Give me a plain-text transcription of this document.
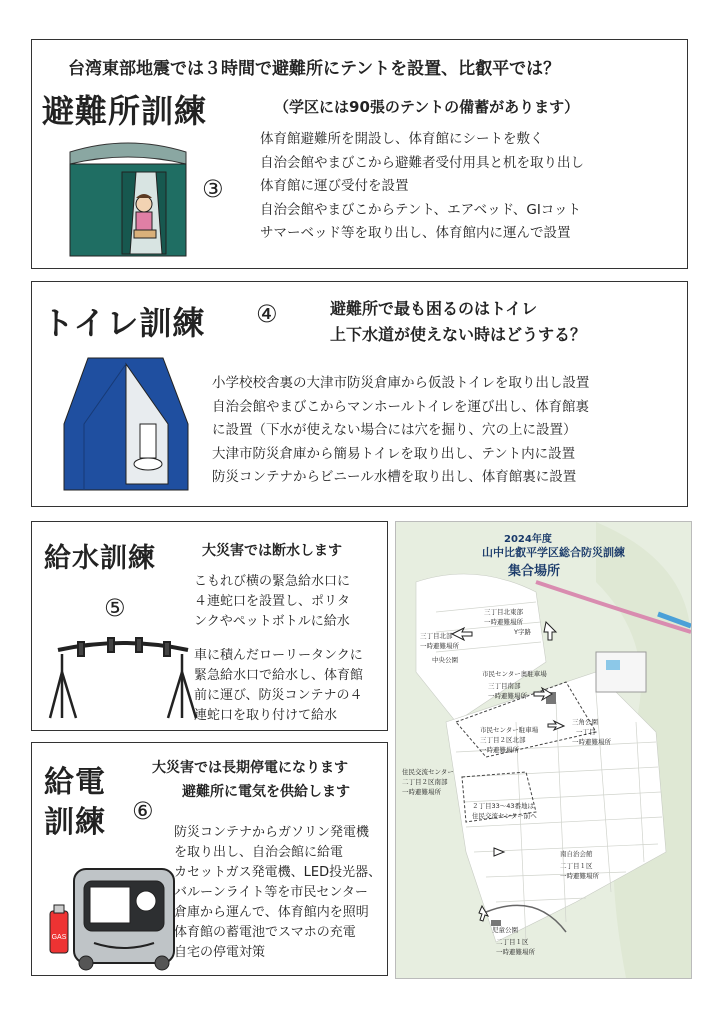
台湾東部地震では３時間で避難所にテントを設置、比叡平では？
避難所訓練	（学区には90張のテントの備蓄があります）
③
体育館避難所を開設し、体育館にシートを敷く
自治会館やまびこから避難者受付用具と机を取り出し
体育館に運び受付を設置
自治会館やまびこからテント、エアベッド、GIコット
サマーベッド等を取り出し、体育館内に運んで設置
トイレ訓練 ④	避難所で最も困るのはトイレ
上下水道が使えない時はどうする？
小学校校舎裏の大津市防災倉庫から仮設トイレを取り出し設置
自治会館やまびこからマンホールトイレを運び出し、体育館裏
に設置（下水が使えない場合には穴を掘り、穴の上に設置）
大津市防災倉庫から簡易トイレを取り出し、テント内に設置
防災コンテナからビニール水槽を取り出し、体育館裏に設置
給水訓練	大災害では断水します
⑤
こもれび横の緊急給水口に
４連蛇口を設置し、ポリタ
ンクやペットボトルに給水
車に積んだローリータンクに
緊急給水口で給水し、体育館
前に運び、防災コンテナの４
連蛇口を取り付けて給水
給電
訓練 ⑥
大災害では長期停電になります
避難所に電気を供給します
GAS
防災コンテナからガソリン発電機
を取り出し、自治会館に給電
カセットガス発電機、LED投光器、
バルーンライト等を市民センター
倉庫から運んで、体育館内を照明
体育館の蓄電池でスマホの充電
自宅の停電対策
2024年度
山中比叡平学区総合防災訓練
集合場所
三丁目北東部
一時避難場所
Y字路
三丁目北部
一時避難場所
中央公園
市民センター奥駐車場
三丁目南部
一時避難場所
市民センター駐車場
三丁目２区北部
一時避難場所
三角公園
一丁目
一時避難場所
住民交流センター
二丁目２区南部
一時避難場所
２丁目33～43番地は
住民交流センター前へ
南自治会館
二丁目１区
一時避難場所
児童公園
二丁目１区
一時避難場所
